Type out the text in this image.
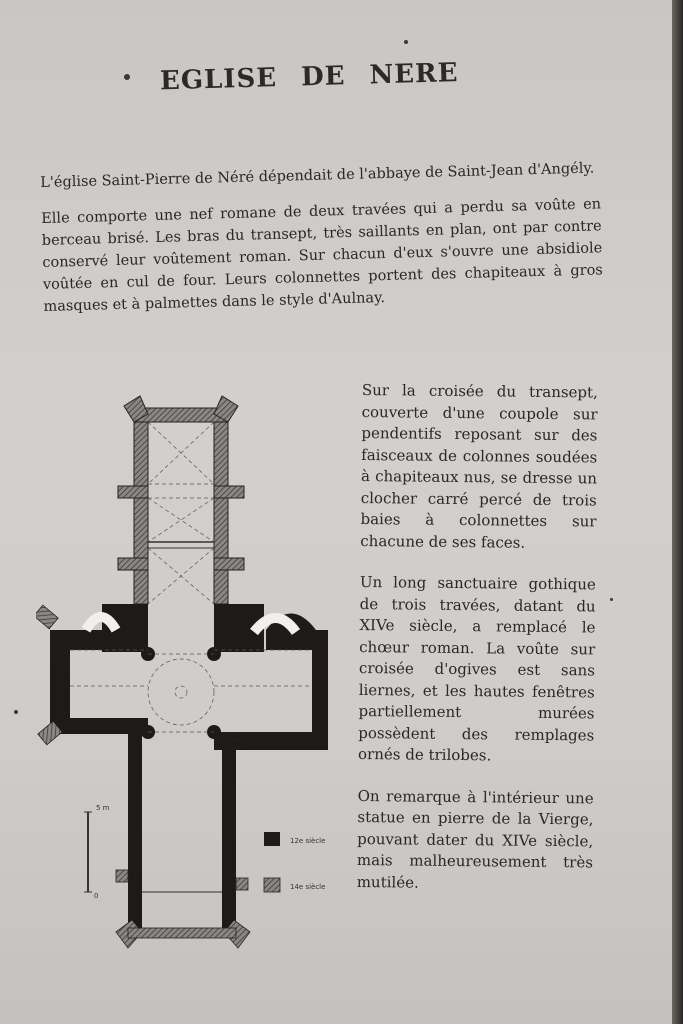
EGLISE DE NERE

L'église Saint-Pierre de Néré dépendait de l'abbaye de Saint-Jean d'Angély.

Elle comporte une nef romane de deux travées qui a perdu sa voûte en berceau brisé. Les bras du transept, très saillants en plan, ont par contre conservé leur voûtement roman. Sur chacun d'eux s'ouvre une absidiole voûtée en cul de four. Leurs colonnettes portent des chapiteaux à gros masques et à palmettes dans le style d'Aulnay.

Sur la croisée du transept, couverte d'une coupole sur pendentifs reposant sur des faisceaux de colonnes soudées à chapiteaux nus, se dresse un clocher carré percé de trois baies à colonnettes sur chacune de ses faces.

Un long sanctuaire gothique de trois travées, datant du XIVe siècle, a remplacé le chœur roman. La voûte sur croisée d'ogives est sans liernes, et les hautes fenêtres partiellement murées possèdent des remplages ornés de trilobes.

On remarque à l'intérieur une statue en pierre de la Vierge, pouvant dater du XIVe siècle, mais malheureusement très mutilée.

5 m
0
12e siècle
14e siècle
